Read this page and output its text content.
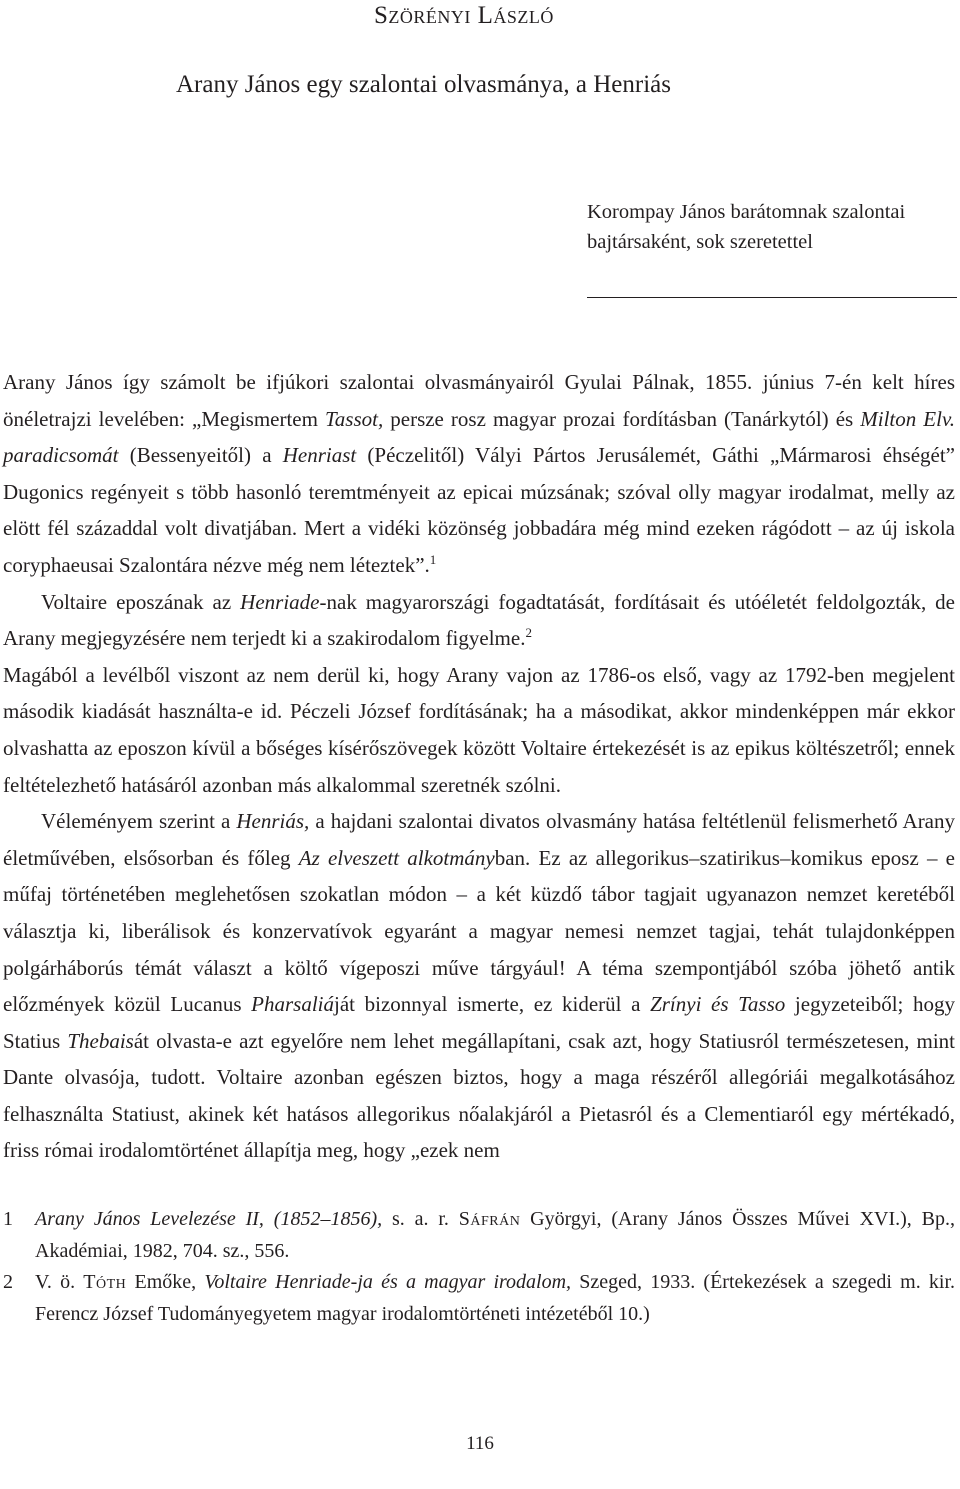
Szörényi László
Arany János egy szalontai olvasmánya, a Henriás
Korompay János barátomnak szalontai bajtársaként, sok szeretettel

Arany János így számolt be ifjúkori szalontai olvasmányairól Gyulai Pálnak, 1855. június 7-én kelt híres önéletrajzi levelében: „Megismertem Tassot, persze rosz magyar prozai fordításban (Tanárkytól) és Milton Elv. paradicsomát (Bessenyeitől) a Henriast (Péczelitől) Vályi Pártos Jerusálemét, Gáthi „Mármarosi éhségét” Dugonics regényeit s több hasonló teremtményeit az epicai múzsának; szóval olly magyar irodalmat, melly az elött fél századdal volt divatjában. Mert a vidéki közönség jobbadára még mind ezeken rágódott – az új iskola coryphaeusai Szalontára nézve még nem léteztek”.$^1$

Voltaire eposzának az Henriade-nak magyarországi fogadtatását, fordításait és utóéletét feldolgozták, de Arany megjegyzésére nem terjedt ki a szakirodalom figyelme.$^2$

Magából a levélből viszont az nem derül ki, hogy Arany vajon az 1786-os első, vagy az 1792-ben megjelent második kiadását használta-e id. Péczeli József fordításának; ha a másodikat, akkor mindenképpen már ekkor olvashatta az eposzon kívül a bőséges kísérőszövegek között Voltaire értekezését is az epikus költészetről; ennek feltételezhető hatásáról azonban más alkalommal szeretnék szólni.

Véleményem szerint a Henriás, a hajdani szalontai divatos olvasmány hatása feltétlenül felismerhető Arany életművében, elsősorban és főleg Az elveszett alkotmányban. Ez az allegorikus–szatirikus–komikus eposz – e műfaj történetében meglehetősen szokatlan módon – a két küzdő tábor tagjait ugyanazon nemzet keretéből választja ki, liberálisok és konzervatívok egyaránt a magyar nemesi nemzet tagjai, tehát tulajdonképpen polgárháborús témát választ a költő vígeposzi műve tárgyául! A téma szempontjából szóba jöhető antik előzmények közül Lucanus Pharsaliáját bizonnyal ismerte, ez kiderül a Zrínyi és Tasso jegyzeteiből; hogy Statius Thebaisát olvasta-e azt egyelőre nem lehet megállapítani, csak azt, hogy Statiusról természetesen, mint Dante olvasója, tudott. Voltaire azonban egészen biztos, hogy a maga részéről allegóriái megalkotásához felhasználta Statiust, akinek két hatásos allegorikus nőalakjáról a Pietasról és a Clementiaról egy mértékadó, friss római irodalomtörténet állapítja meg, hogy „ezek nem

1	Arany János Levelezése II, (1852–1856), s. a. r. Sáfrán Györgyi, (Arany János Összes Művei XVI.), Bp., Akadémiai, 1982, 704. sz., 556.
2	V. ö. Tóth Emőke, Voltaire Henriade-ja és a magyar irodalom, Szeged, 1933. (Értekezések a szegedi m. kir. Ferencz József Tudományegyetem magyar irodalomtörténeti intézetéből 10.)
116
